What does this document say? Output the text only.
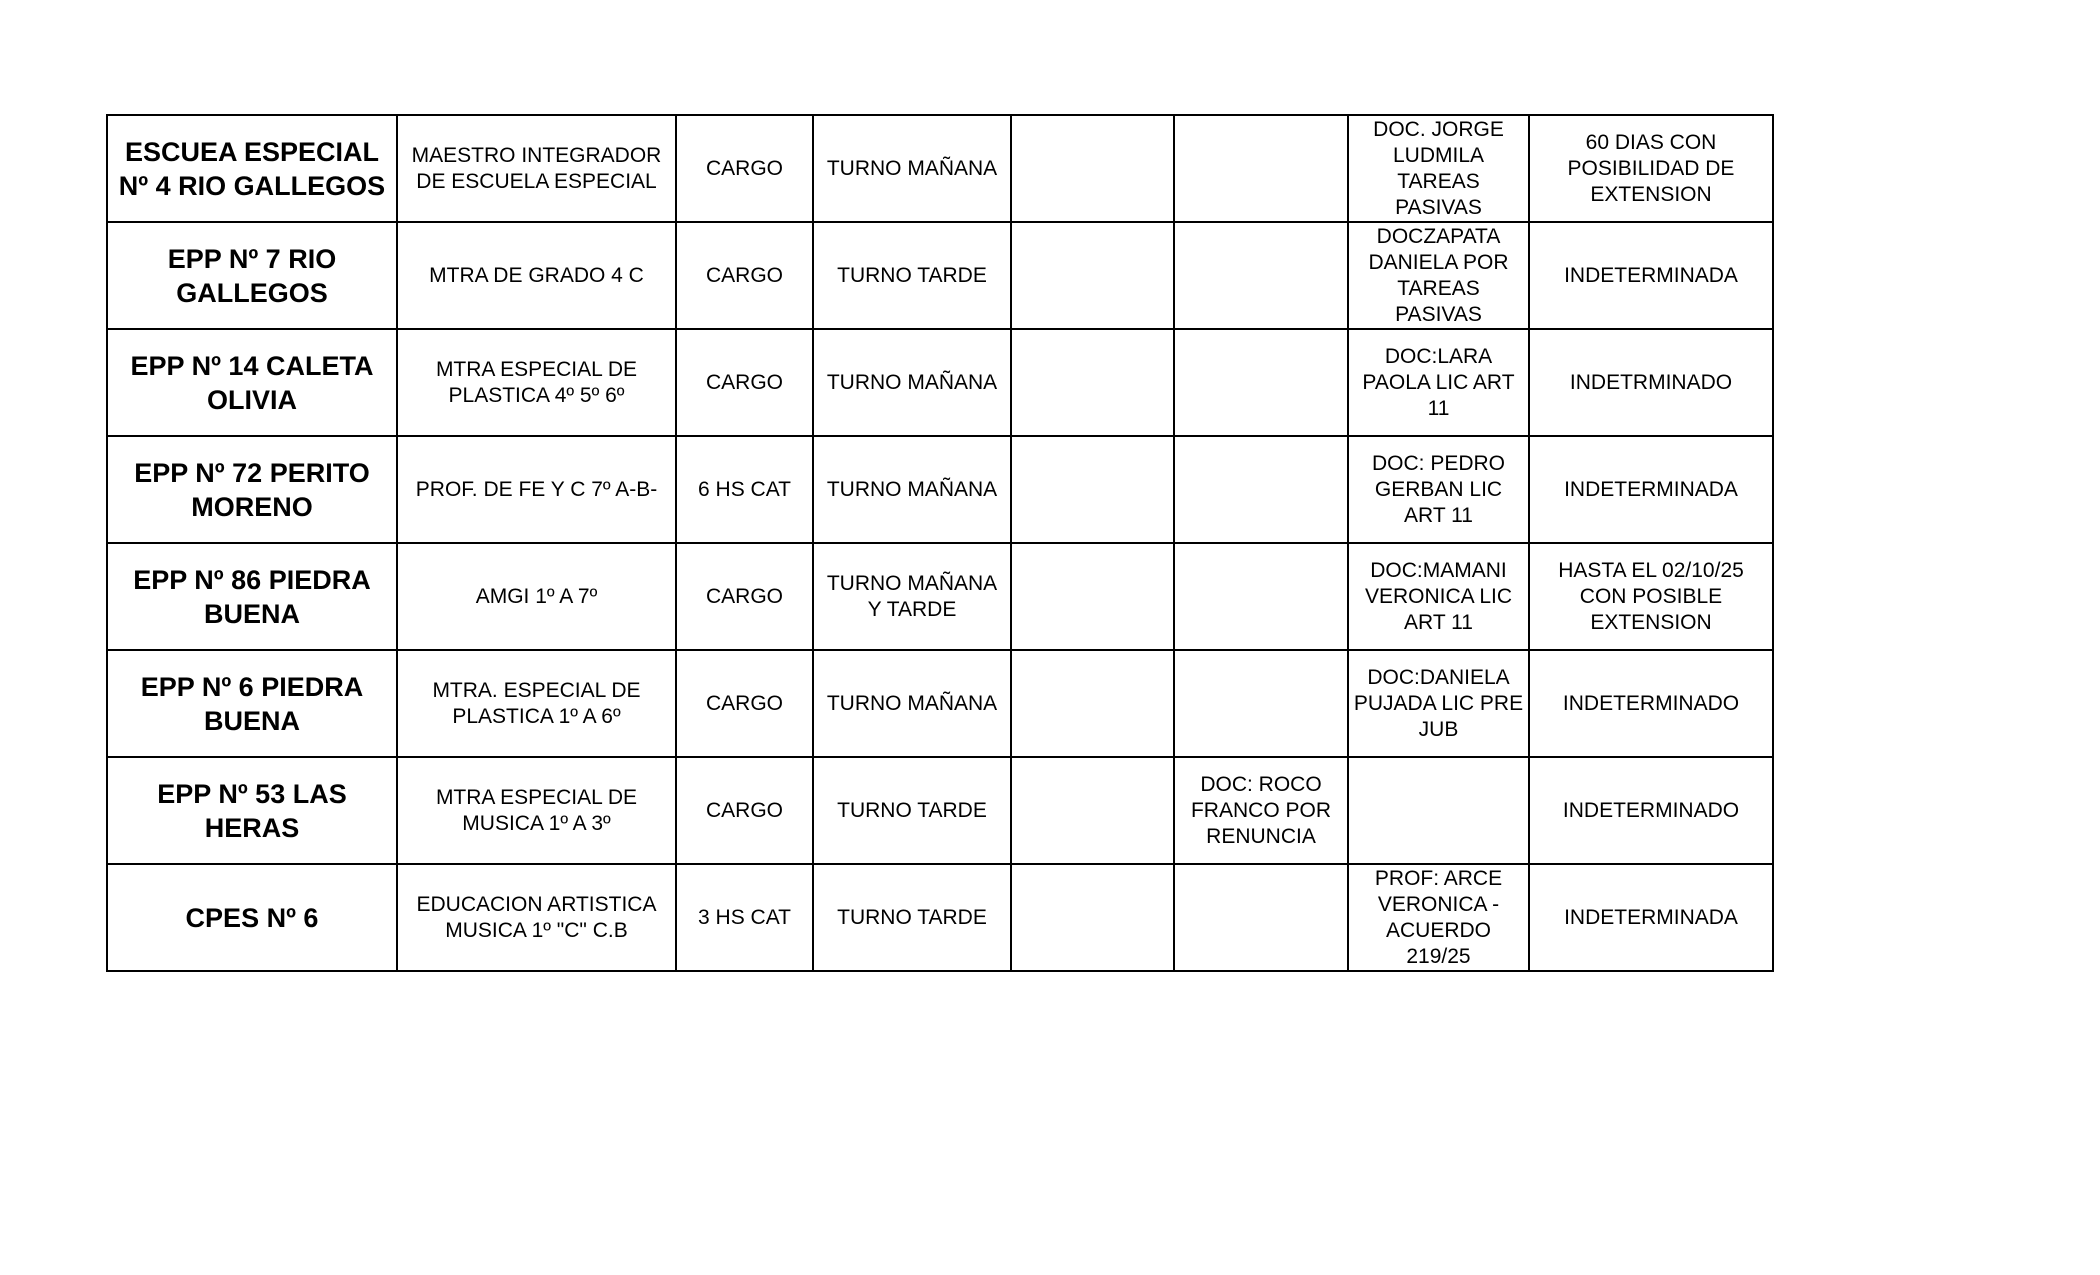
ESCUEA ESPECIAL Nº 4 RIO GALLEGOS	MAESTRO INTEGRADOR DE ESCUELA ESPECIAL	CARGO	TURNO MAÑANA			DOC. JORGE LUDMILA TAREAS PASIVAS	60 DIAS CON POSIBILIDAD DE EXTENSION
EPP Nº 7 RIO GALLEGOS	MTRA DE GRADO 4 C	CARGO	TURNO TARDE			DOCZAPATA DANIELA POR TAREAS PASIVAS	INDETERMINADA
EPP Nº 14 CALETA OLIVIA	MTRA ESPECIAL DE PLASTICA 4º 5º 6º	CARGO	TURNO MAÑANA			DOC:LARA PAOLA LIC ART 11	INDETRMINADO
EPP Nº 72 PERITO MORENO	PROF. DE FE Y C 7º A-B-	6 HS CAT	TURNO MAÑANA			DOC: PEDRO GERBAN LIC ART 11	INDETERMINADA
EPP Nº 86 PIEDRA BUENA	AMGI 1º A 7º	CARGO	TURNO MAÑANA Y TARDE			DOC:MAMANI VERONICA LIC ART 11	HASTA EL 02/10/25 CON POSIBLE EXTENSION
EPP Nº 6 PIEDRA BUENA	MTRA. ESPECIAL DE PLASTICA 1º A 6º	CARGO	TURNO MAÑANA			DOC:DANIELA PUJADA LIC PRE JUB	INDETERMINADO
EPP Nº 53 LAS HERAS	MTRA ESPECIAL DE MUSICA 1º A 3º	CARGO	TURNO TARDE		DOC: ROCO FRANCO POR RENUNCIA		INDETERMINADO
CPES Nº 6	EDUCACION ARTISTICA MUSICA 1º "C" C.B	3 HS CAT	TURNO TARDE			PROF: ARCE VERONICA - ACUERDO 219/25	INDETERMINADA
